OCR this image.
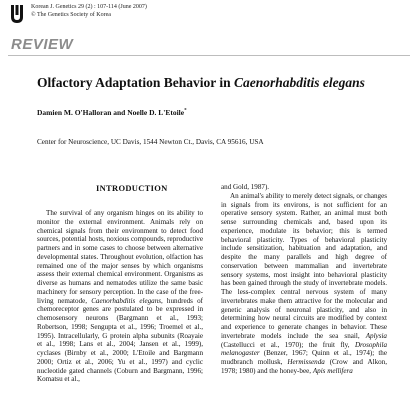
Korean J. Genetics 29 (2) : 107-114 (June 2007)
© The Genetics Society of Korea
REVIEW
Olfactory Adaptation Behavior in Caenorhabditis elegans
Damien M. O'Halloran and Noelle D. L'Etoile*
Center for Neuroscience, UC Davis, 1544 Newton Ct., Davis, CA 95616, USA
INTRODUCTION

The survival of any organism hinges on its ability to monitor the external environment. Animals rely on chemical signals from their environment to detect food sources, potential hosts, noxious compounds, reproductive partners and in some cases to choose between alternative developmental states. Throughout evolution, olfaction has remained one of the major senses by which organisms assess their external chemical environment. Organisms as diverse as humans and nematodes utilize the same basic machinery for sensory perception. In the case of the free-living nematode, Caenorhabditis elegans, hundreds of chemoreceptor genes are postulated to be expressed in chemosensory neurons (Bargmann et al., 1993; Robertson, 1998; Sengupta et al., 1996; Troemel et al., 1995). Intracellularly, G protein alpha subunits (Roayaie et al., 1998; Lans et al., 2004; Jansen et al., 1999), cyclases (Birnby et al., 2000; L'Etoile and Bargmann 2000; Ortiz et al., 2006; Yu et al., 1997) and cyclic nucleotide gated channels (Coburn and Bargmann, 1996; Komatsu et al.,

and Gold, 1987).

An animal's ability to merely detect signals, or changes in signals from its environs, is not sufficient for an operative sensory system. Rather, an animal must both sense surrounding chemicals and, based upon its experience, modulate its behavior; this is termed behavioral plasticity. Types of behavioral plasticity include sensitization, habituation and adaptation, and despite the many parallels and high degree of conservation between mammalian and invertebrate sensory systems, most insight into behavioral plasticity has been gained through the study of invertebrate models. The less-complex central nervous system of many invertebrates make them attractive for the molecular and genetic analysis of neuronal plasticity, and also in determining how neural circuits are modified by context and experience to generate changes in behavior. These invertebrate models include the sea snail, Aplysia (Castellucci et al., 1970); the fruit fly, Drosophila melanogaster (Benzer, 1967; Quinn et al., 1974); the mudbranch mollusk, Hermissenda (Crow and Alkon, 1978; 1980) and the honey-bee, Apis mellifera
